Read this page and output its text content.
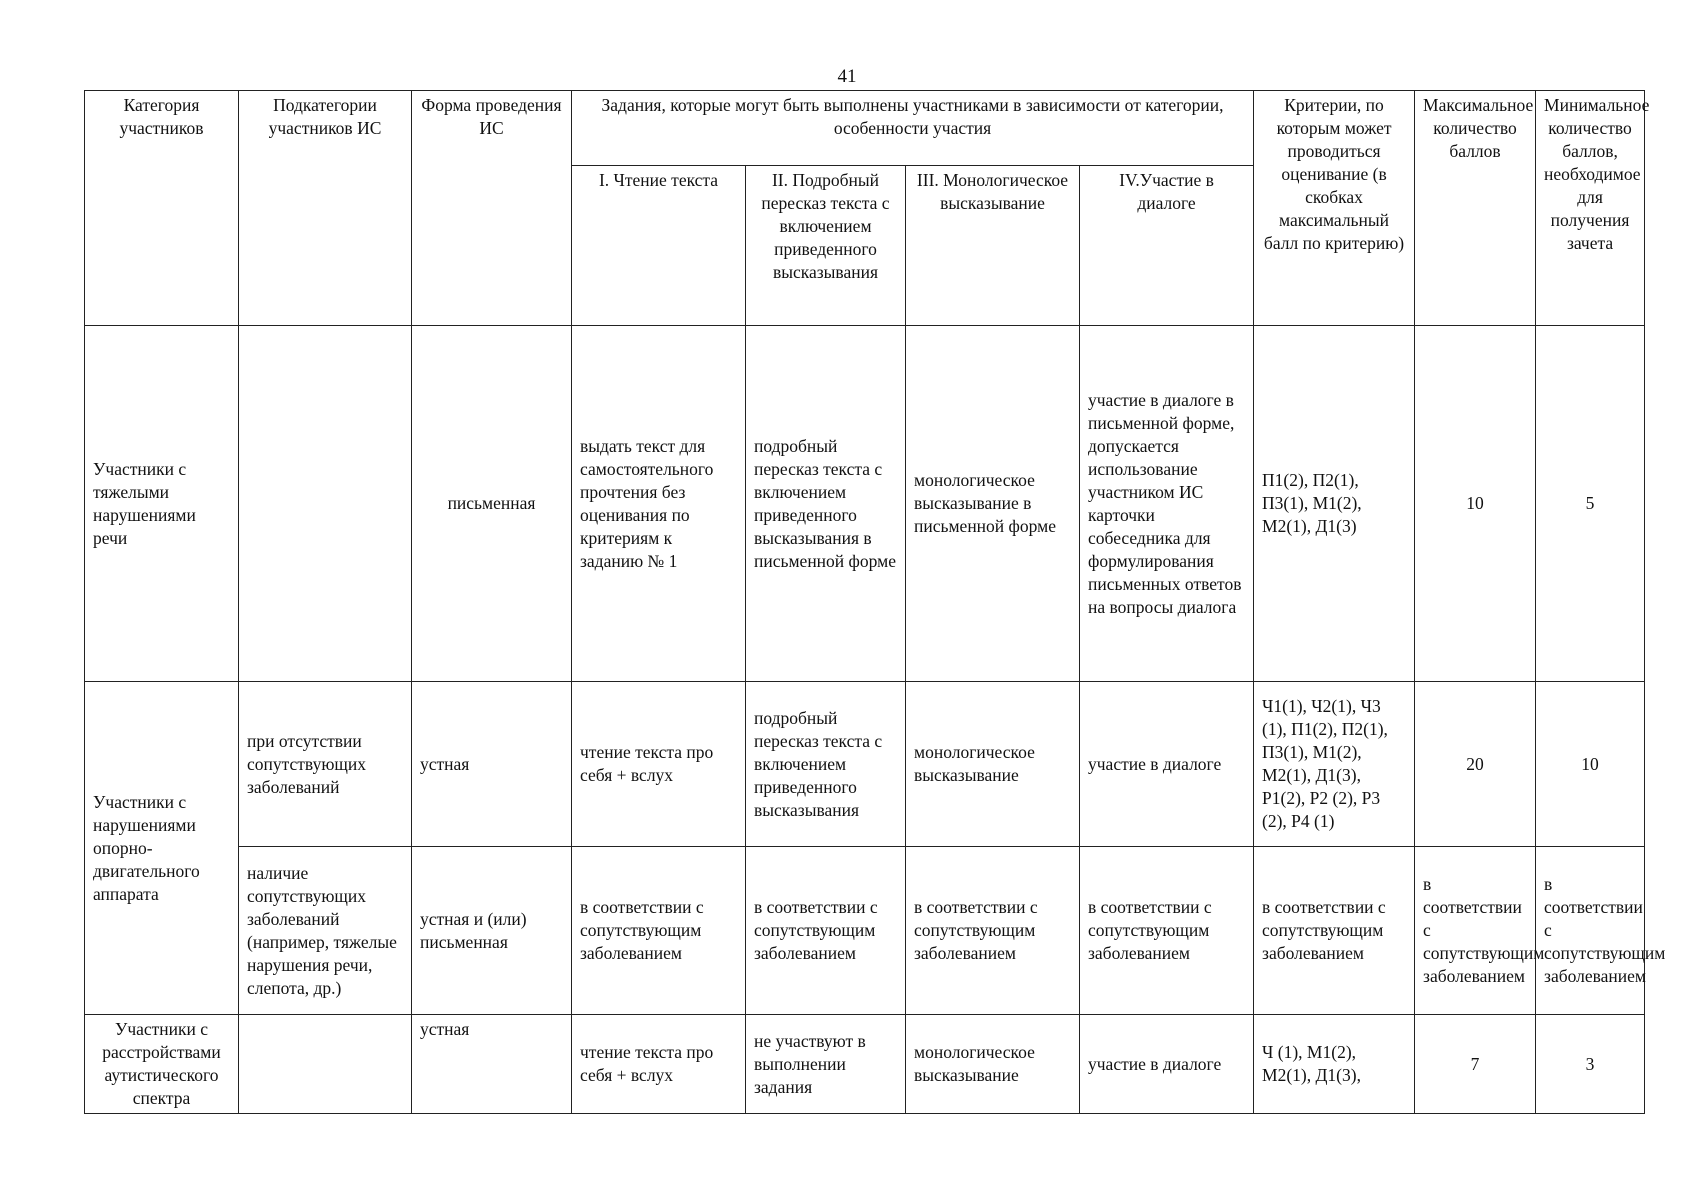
41
Категория участников	Подкатегории участников ИС	Форма проведения ИС	Задания, которые могут быть выполнены участниками в зависимости от категории, особенности участия				Критерии, по которым может проводиться оценивание (в скобках максимальный балл по критерию)	Максимальное количество баллов	Минимальное количество баллов, необходимое для получения зачета
			I. Чтение текста	II. Подробный пересказ текста с включением приведенного высказывания	III. Монологическое высказывание	IV.Участие в диалоге			
Участники с тяжелыми нарушениями речи		письменная	выдать текст для самостоятельного прочтения без оценивания по критериям к заданию № 1	подробный пересказ текста с включением приведенного высказывания в письменной форме	монологическое высказывание в письменной форме	участие в диалоге в письменной форме, допускается использование участником ИС карточки собеседника для формулирования письменных ответов на вопросы диалога	П1(2), П2(1), П3(1), М1(2), М2(1), Д1(3)	10	5
Участники с нарушениями опорно-двигательного аппарата	при отсутствии сопутствующих заболеваний	устная	чтение текста про себя + вслух	подробный пересказ текста с включением приведенного высказывания	монологическое высказывание	участие в диалоге	Ч1(1), Ч2(1), Ч3 (1), П1(2), П2(1), П3(1), М1(2), М2(1), Д1(3), Р1(2), Р2 (2), Р3 (2), Р4 (1)	20	10
	наличие сопутствующих заболеваний (например, тяжелые нарушения речи, слепота, др.)	устная и (или) письменная	в соответствии с сопутствующим заболеванием	в соответствии с сопутствующим заболеванием	в соответствии с сопутствующим заболеванием	в соответствии с сопутствующим заболеванием	в соответствии с сопутствующим заболеванием	в соответствии с сопутствующим заболеванием	в соответствии с сопутствующим заболеванием
Участники с расстройствами аутистического спектра		устная	чтение текста про себя + вслух	не участвуют в выполнении задания	монологическое высказывание	участие в диалоге	Ч (1), М1(2), М2(1), Д1(3),	7	3
